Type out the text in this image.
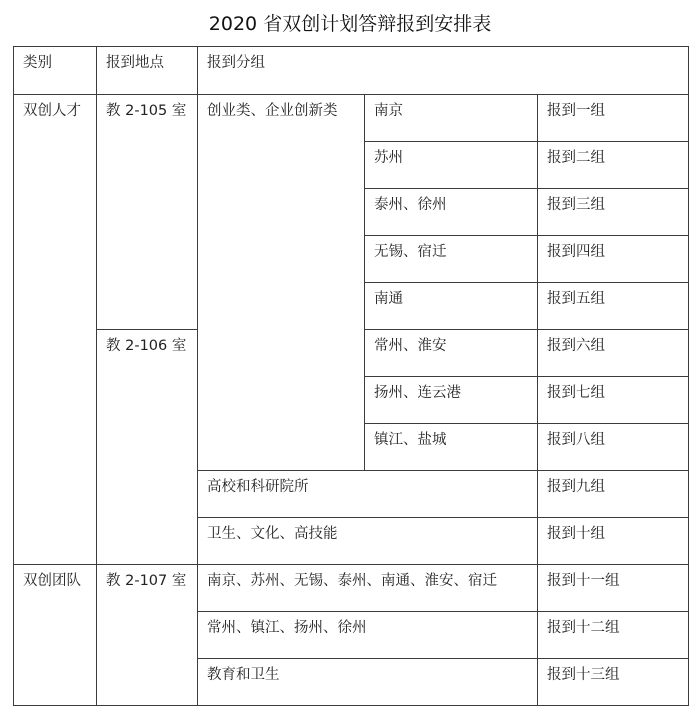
2020 省双创计划答辩报到安排表
类别	报到地点	报到分组		
双创人才	教 2-105 室	创业类、企业创新类	南京	报到一组
			苏州	报到二组
			泰州、徐州	报到三组
			无锡、宿迁	报到四组
			南通	报到五组
	教 2-106 室		常州、淮安	报到六组
			扬州、连云港	报到七组
			镇江、盐城	报到八组
		高校和科研院所		报到九组
		卫生、文化、高技能		报到十组
双创团队	教 2-107 室	南京、苏州、无锡、泰州、南通、淮安、宿迁		报到十一组
		常州、镇江、扬州、徐州		报到十二组
		教育和卫生		报到十三组
